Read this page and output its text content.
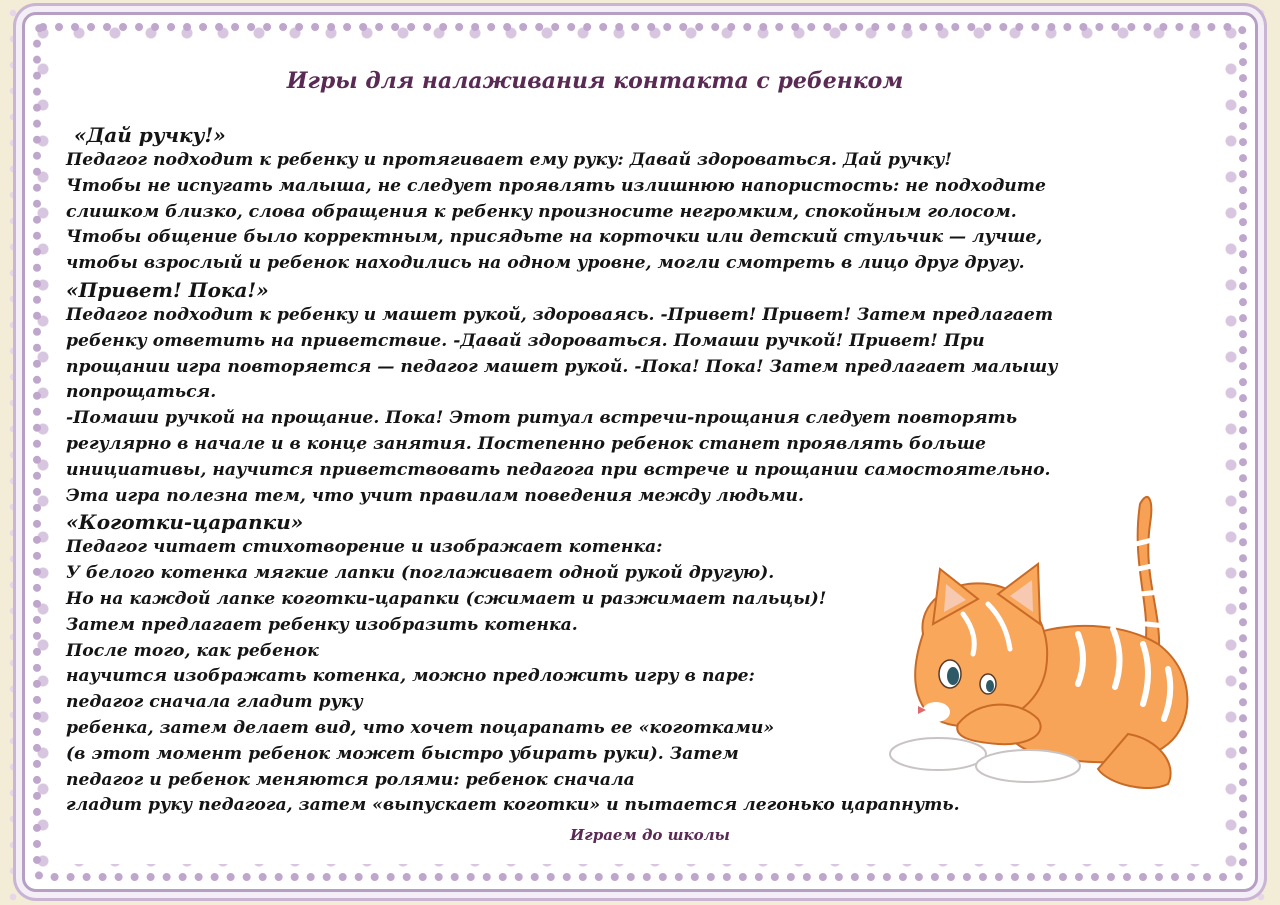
Игры для налаживания контакта с ребенком

«Дай ручку!»

Педагог подходит к ребенку и протягивает ему руку: Давай здороваться. Дай ручку!

Чтобы не испугать малыша, не следует проявлять излишнюю напористость: не подходите

слишком близко, слова обращения к ребенку произносите негромким, спокойным голосом.

Чтобы общение было корректным, присядьте на корточки или детский стульчик — лучше,

чтобы взрослый и ребенок находились на одном уровне, могли смотреть в лицо друг другу.

«Привет! Пока!»

Педагог подходит к ребенку и машет рукой, здороваясь. -Привет! Привет! Затем предлагает

ребенку ответить на приветствие. -Давай здороваться. Помаши ручкой! Привет! При

прощании игра повторяется — педагог машет рукой. -Пока! Пока! Затем предлагает малышу

попрощаться.

-Помаши ручкой на прощание. Пока! Этот ритуал встречи-прощания следует повторять

регулярно в начале и в конце занятия. Постепенно ребенок станет проявлять больше

инициативы, научится приветствовать педагога при встрече и прощании самостоятельно.

Эта игра полезна тем, что учит правилам поведения между людьми.

«Коготки-царапки»

Педагог читает стихотворение и изображает котенка:

У белого котенка мягкие лапки (поглаживает одной рукой другую).

Но на каждой лапке коготки-царапки (сжимает и разжимает пальцы)!

Затем предлагает ребенку изобразить котенка.

После того, как ребенок

научится изображать котенка, можно предложить игру в паре:

педагог сначала гладит руку

ребенка, затем делает вид, что хочет поцарапать ее «коготками»

(в этот момент ребенок может быстро убирать руки). Затем

педагог и ребенок меняются ролями: ребенок сначала

гладит руку педагога, затем «выпускает коготки» и пытается легонько царапнуть.

Играем до школы
